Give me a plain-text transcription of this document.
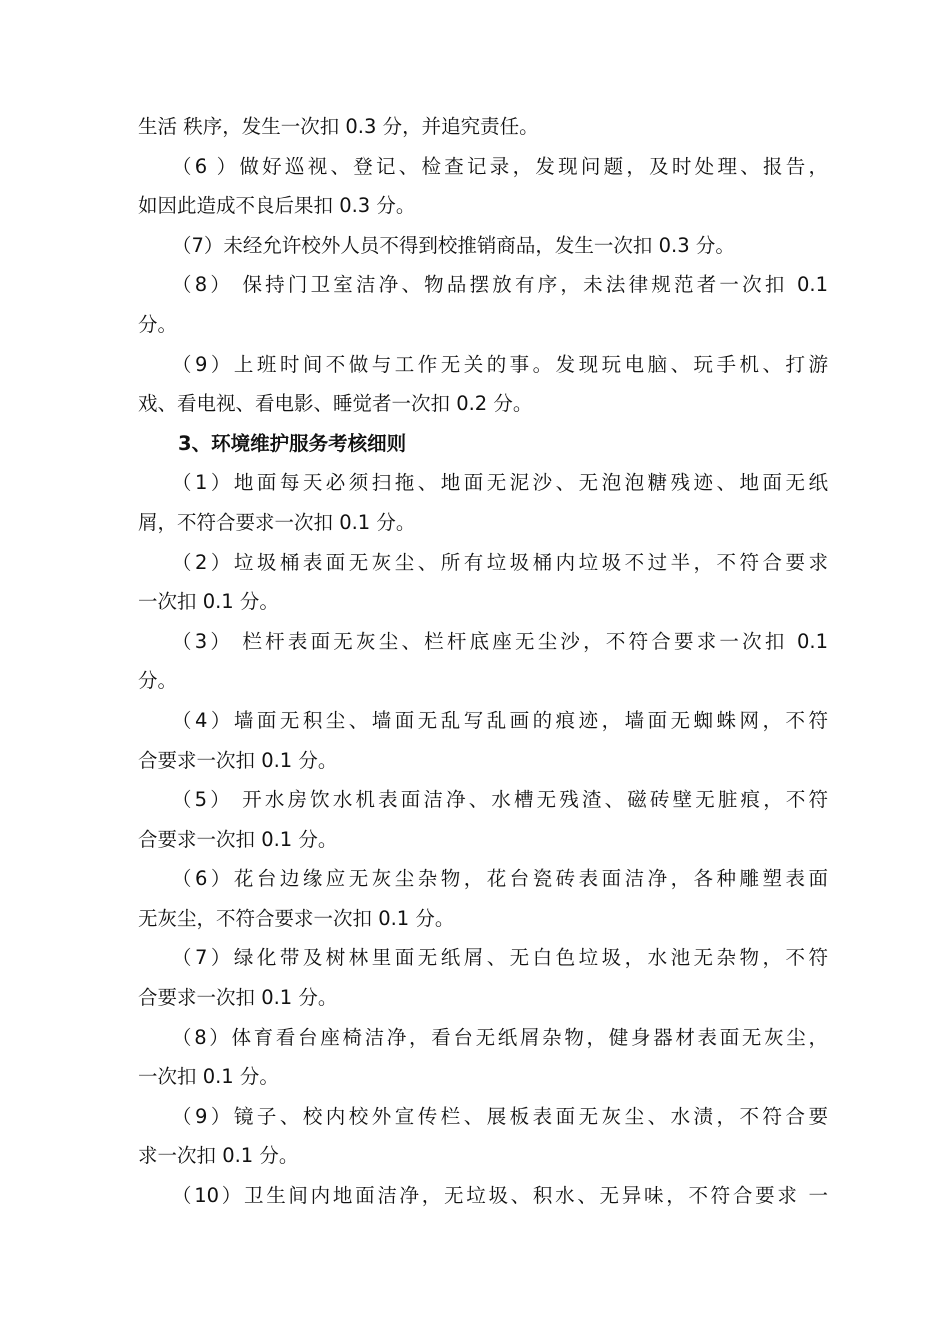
生活 秩序，发生一次扣 0.3 分，并追究责任。
（6 ）做好巡视、登记、检查记录，发现问题，及时处理、报告，
如因此造成不良后果扣 0.3 分。
（7）未经允许校外人员不得到校推销商品，发生一次扣 0.3 分。
（8） 保持门卫室洁净、物品摆放有序，未法律规范者一次扣 0.1
分。
（9）上班时间不做与工作无关的事。发现玩电脑、玩手机、打游
戏、看电视、看电影、睡觉者一次扣 0.2 分。
3、环境维护服务考核细则
（1）地面每天必须扫拖、地面无泥沙、无泡泡糖残迹、地面无纸
屑，不符合要求一次扣 0.1 分。
（2）垃圾桶表面无灰尘、所有垃圾桶内垃圾不过半，不符合要求
一次扣 0.1 分。
（3） 栏杆表面无灰尘、栏杆底座无尘沙，不符合要求一次扣 0.1
分。
（4）墙面无积尘、墙面无乱写乱画的痕迹，墙面无蜘蛛网，不符
合要求一次扣 0.1 分。
（5） 开水房饮水机表面洁净、水槽无残渣、磁砖壁无脏痕，不符
合要求一次扣 0.1 分。
（6）花台边缘应无灰尘杂物，花台瓷砖表面洁净，各种雕塑表面
无灰尘，不符合要求一次扣 0.1 分。
（7）绿化带及树林里面无纸屑、无白色垃圾，水池无杂物，不符
合要求一次扣 0.1 分。
（8）体育看台座椅洁净，看台无纸屑杂物，健身器材表面无灰尘，
一次扣 0.1 分。
（9）镜子、校内校外宣传栏、展板表面无灰尘、水渍，不符合要
求一次扣 0.1 分。
（10）卫生间内地面洁净，无垃圾、积水、无异味，不符合要求 一
